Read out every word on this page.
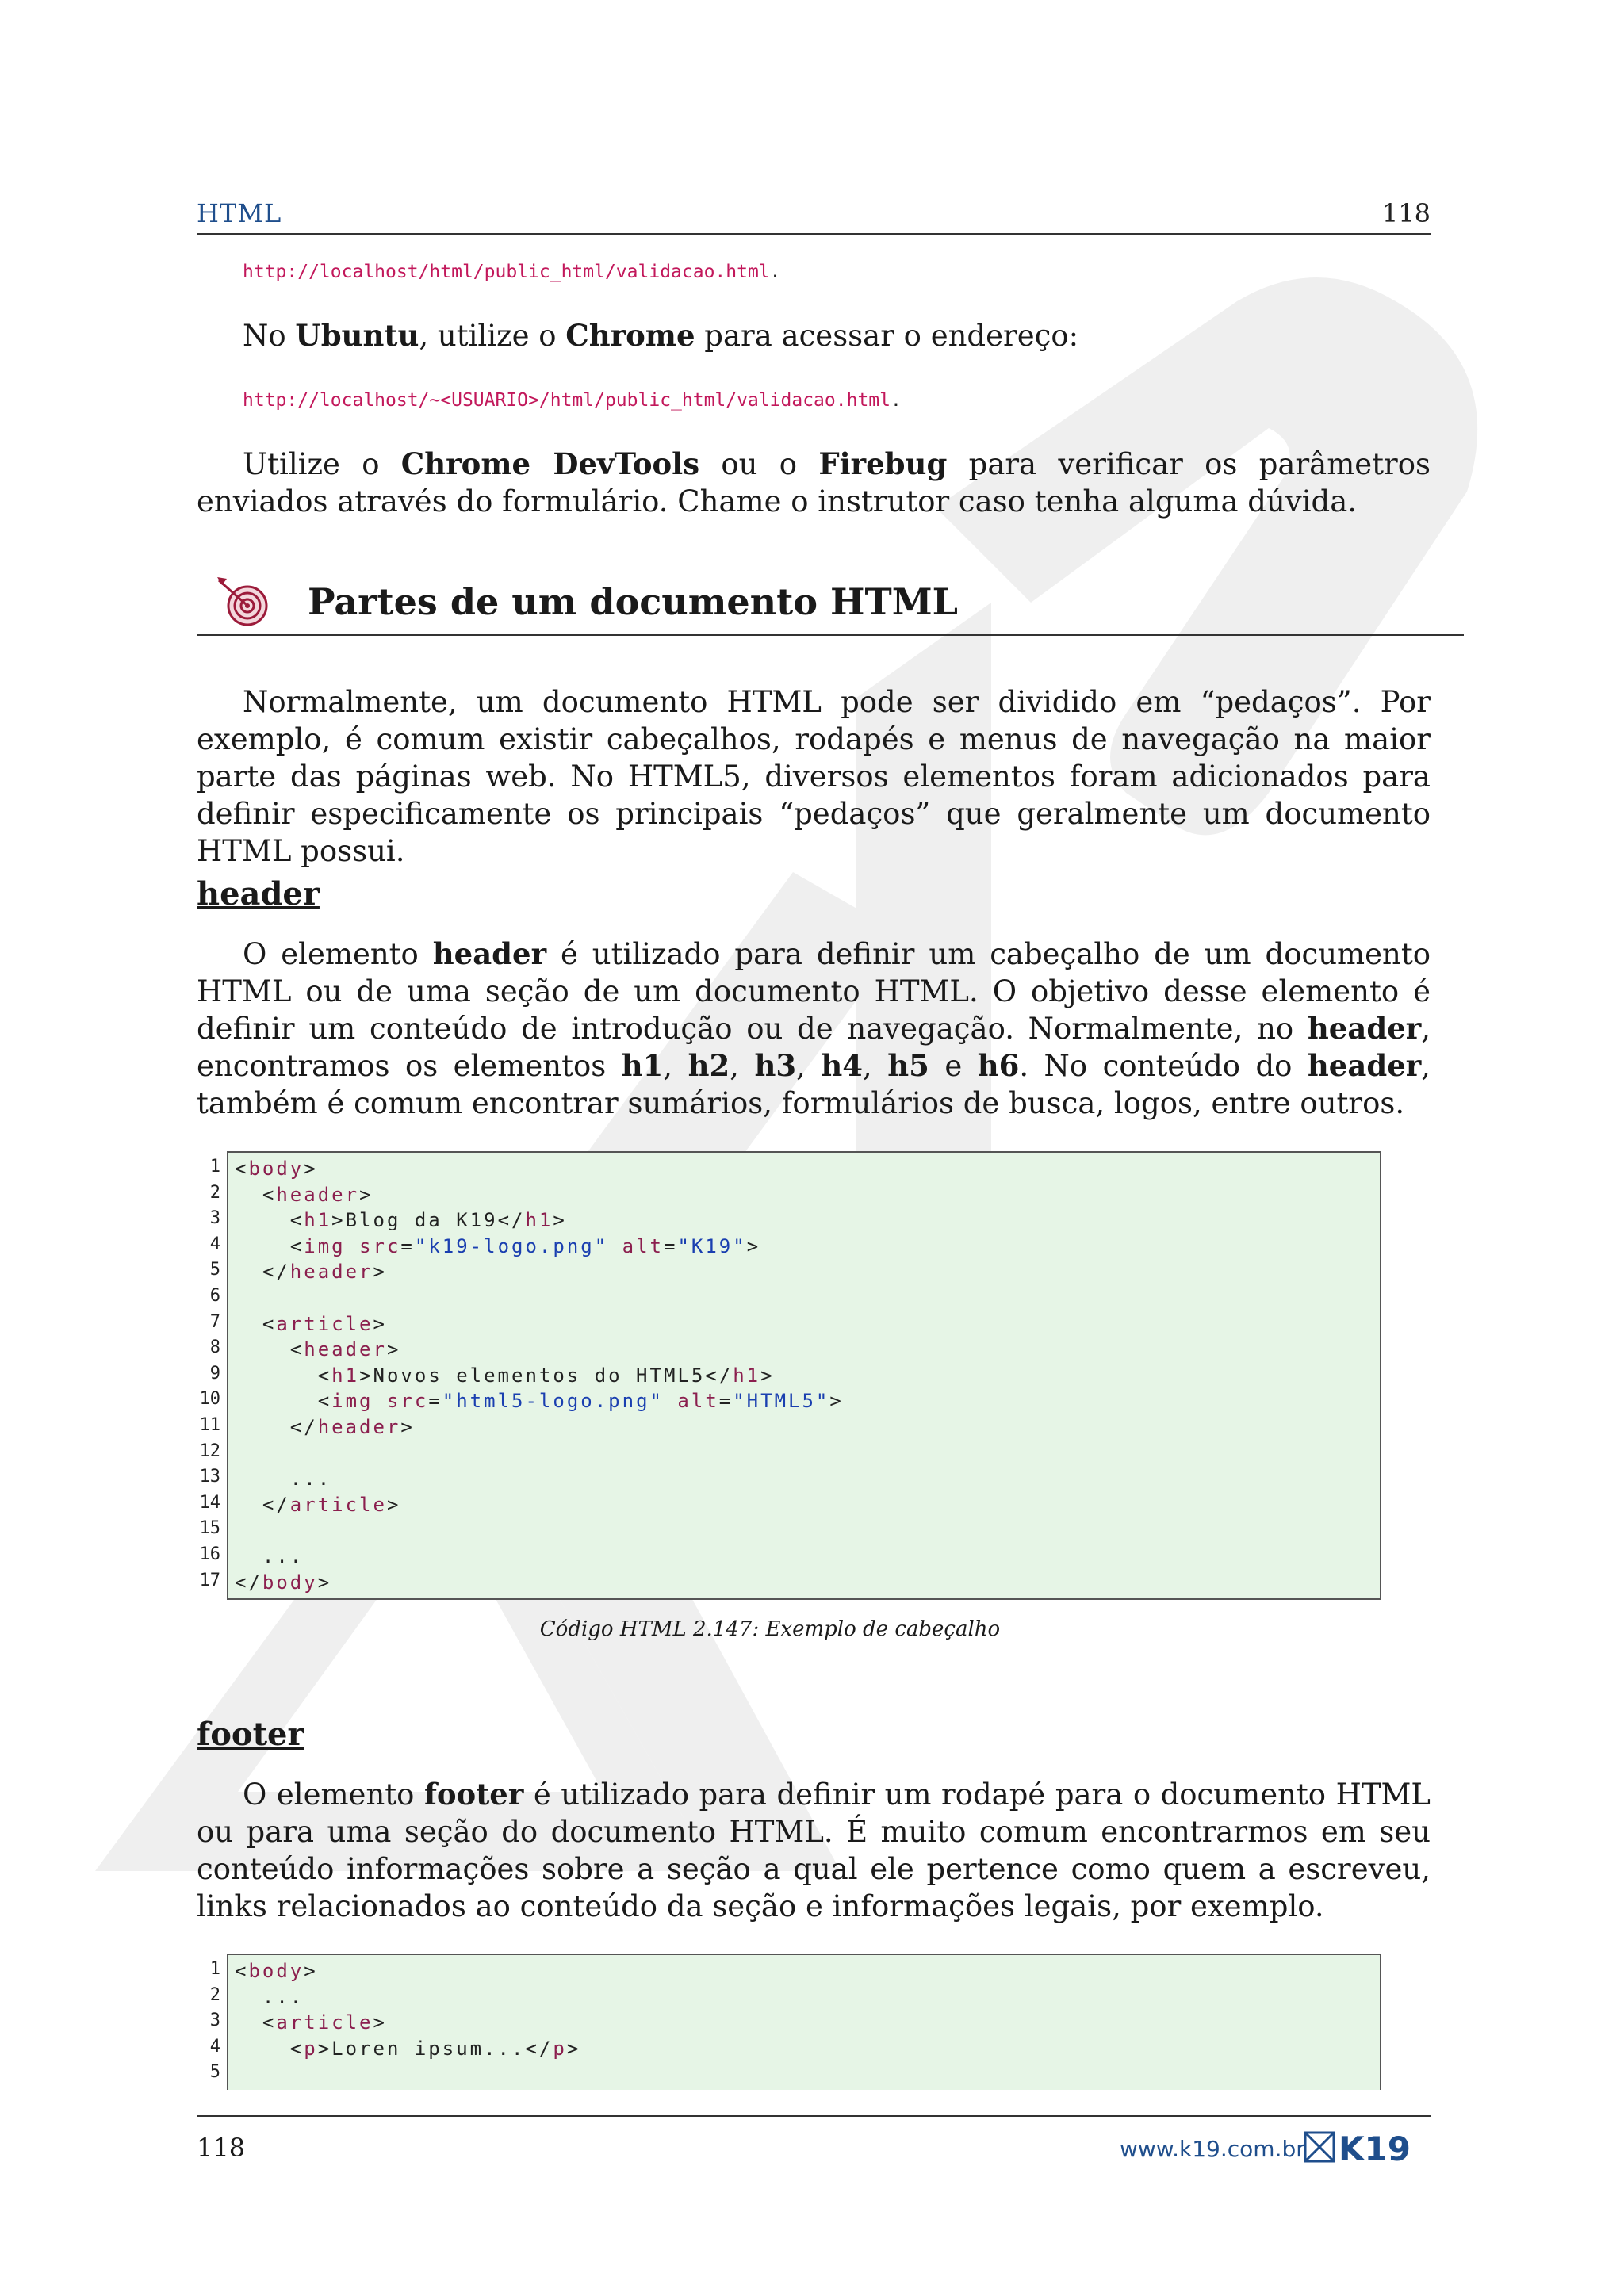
HTML	118
http://localhost/html/public_html/validacao.html.
No Ubuntu, utilize o Chrome para acessar o endereço:
http://localhost/~<USUARIO>/html/public_html/validacao.html.
Utilize o Chrome DevTools ou o Firebug para verificar os parâmetros enviados através do formulário. Chame o instrutor caso tenha alguma dúvida.
Partes de um documento HTML
Normalmente, um documento HTML pode ser dividido em “pedaços”. Por exemplo, é comum existir cabeçalhos, rodapés e menus de navegação na maior parte das páginas web. No HTML5, diversos elementos foram adicionados para definir especificamente os principais “pedaços” que geralmente um documento HTML possui.
header
O elemento header é utilizado para definir um cabeçalho de um documento HTML ou de uma seção de um documento HTML. O objetivo desse elemento é definir um conteúdo de introdução ou de navegação. Normalmente, no header, encontramos os elementos h1, h2, h3, h4, h5 e h6. No conteúdo do header, também é comum encontrar sumários, formulários de busca, logos, entre outros.
1
2
3
4
5
6
7
8
9
10
11
12
13
14
15
16
17
<body>
<header>
<h1>Blog da K19</h1>
<img src="k19-logo.png" alt="K19">
</header>
<article>
<header>
<h1>Novos elementos do HTML5</h1>
<img src="html5-logo.png" alt="HTML5">
</header>
...
</article>
...
</body>
Código HTML 2.147: Exemplo de cabeçalho
footer
O elemento footer é utilizado para definir um rodapé para o documento HTML ou para uma seção do documento HTML. É muito comum encontrarmos em seu conteúdo informações sobre a seção a qual ele pertence como quem a escreveu, links relacionados ao conteúdo da seção e informações legais, por exemplo.
1
2
3
4
5
<body>
...
<article>
<p>Loren ipsum...</p>
118	www.k19.com.br K19
